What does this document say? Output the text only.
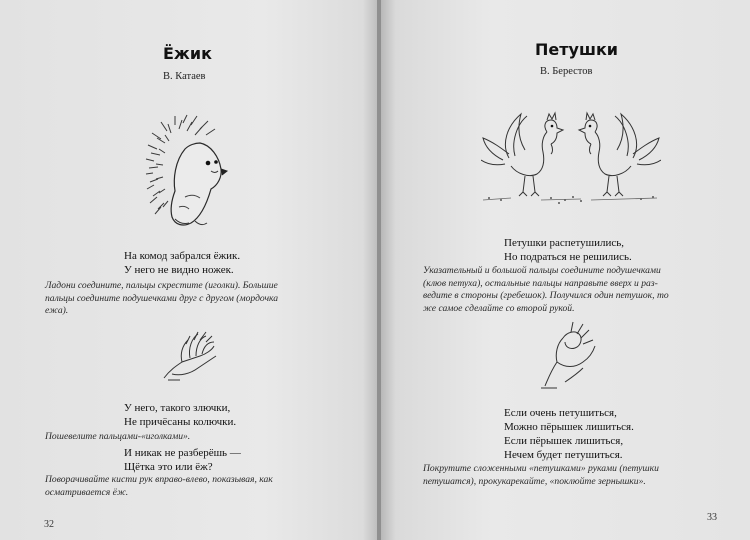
Ёжик
В. Катаев
На комод забрался ёжик.
У него не видно ножек.
Ладони соедините, пальцы скрестите (иголки). Большие
пальцы соедините подушечками друг с другом (мордочка
ежа).
У него, такого злючки,
Не причёсаны колючки.
Пошевелите пальцами-«иголками».
И никак не разберёшь —
Щётка это или ёж?
Поворачивайте кисти рук вправо-влево, показывая, как
осматривается ёж.
32
Петушки
В. Берестов
Петушки распетушились,
Но подраться не решились.
Указательный и большой пальцы соедините подушечками
(клюв петуха), остальные пальцы направьте вверх и раз-
ведите в стороны (гребешок). Получился один петушок, то
же самое сделайте со второй рукой.
Если очень петушиться,
Можно пёрышек лишиться.
Если пёрышек лишиться,
Нечем будет петушиться.
Покрутите сложенными «петушками» руками (петушки
петушатся), прокукарекайте, «поклюйте зернышки».
33
